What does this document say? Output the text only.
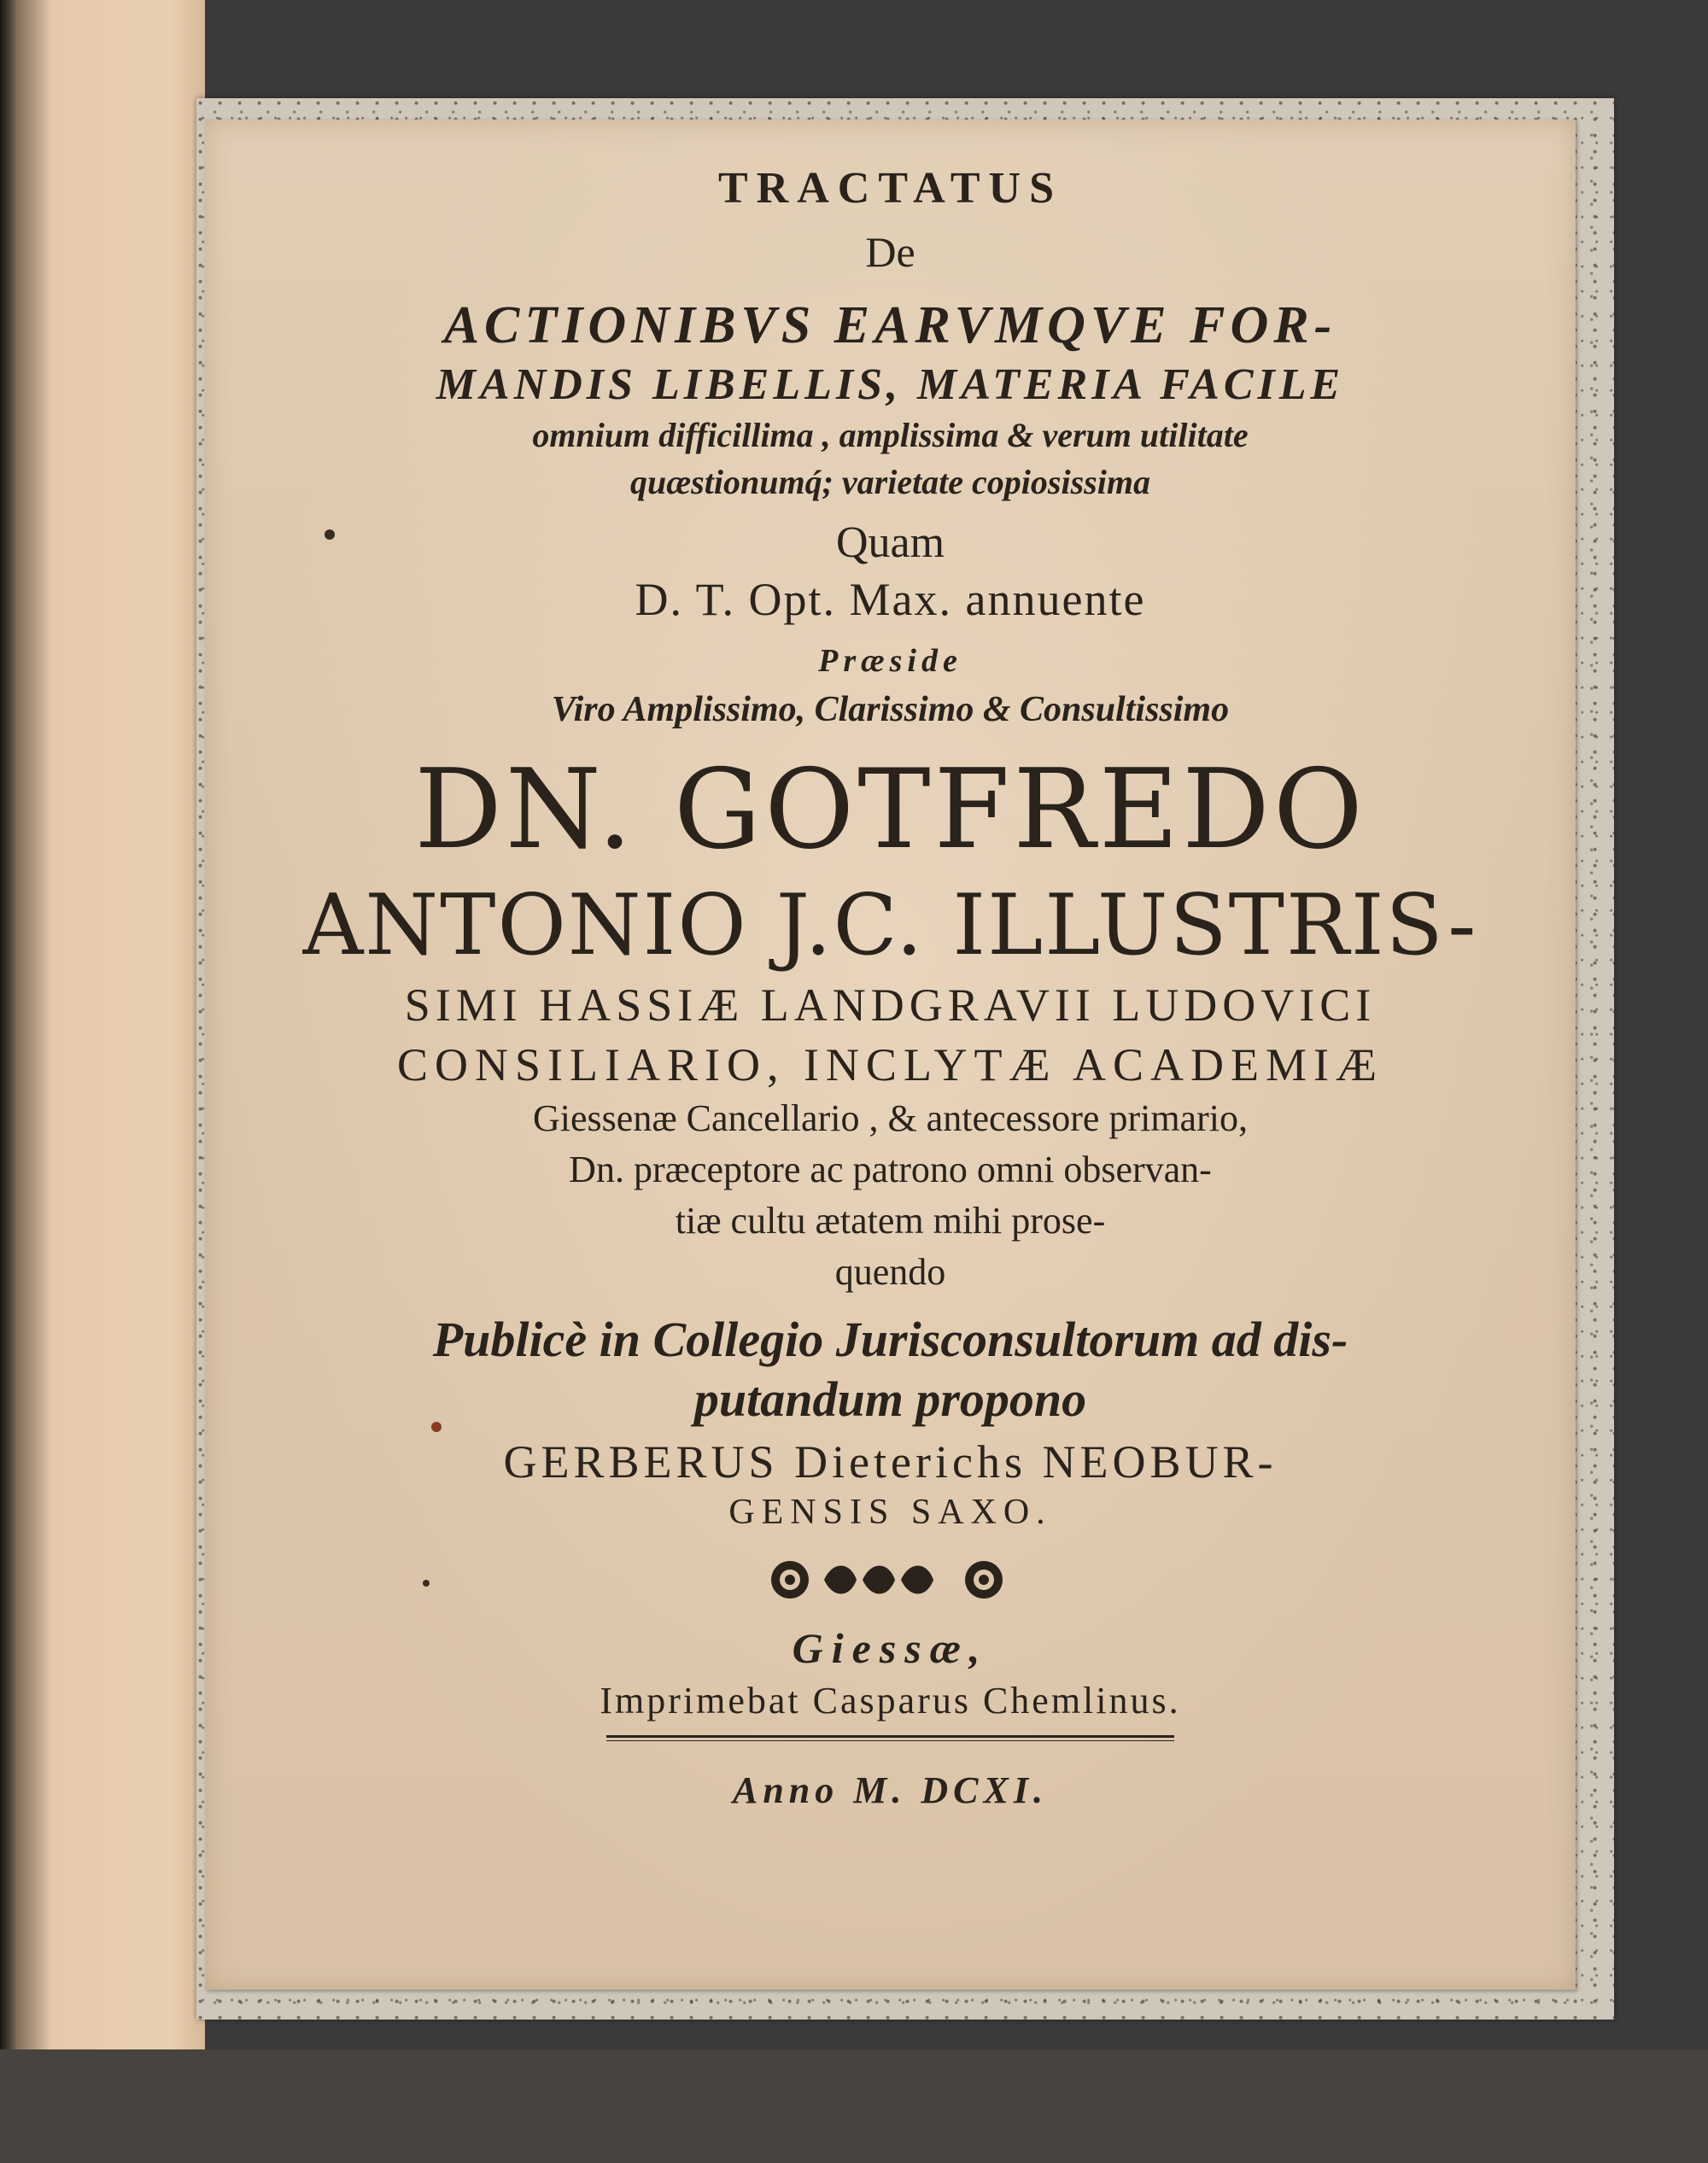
TRACTATUS

De

ACTIONIBVS EARVMQVE FOR-

MANDIS LIBELLIS, MATERIA FACILE

omnium difficillima , amplissima & verum utilitate

quæstionumq́; varietate copiosissima

Quam

D. T. Opt. Max. annuente

Præside

Viro Amplissimo, Clarissimo & Consultissimo

DN. GOTFREDO

ANTONIO J.C. ILLUSTRIS-

SIMI HASSIÆ LANDGRAVII LUDOVICI

CONSILIARIO, INCLYTÆ ACADEMIÆ

Giessenæ Cancellario , & antecessore primario,

Dn. præceptore ac patrono omni observan-

tiæ cultu ætatem mihi prose-

quendo

Publicè in Collegio Jurisconsultorum ad dis-

putandum propono

GERBERUS Dieterichs NEOBUR-

GENSIS SAXO.

Giessæ,

Imprimebat Casparus Chemlinus.

Anno M. DCXI.
